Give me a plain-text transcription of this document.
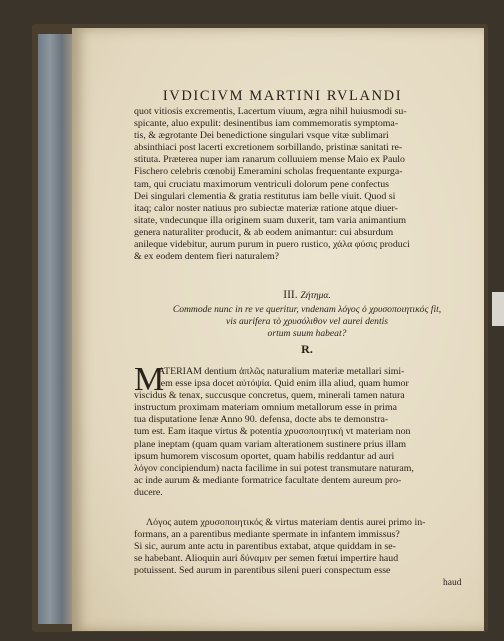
IVDICIVM MARTINI RVLANDI
quot vitiosis excrementis, Lacertum viuum, ægra nihil huiusmodi su-
spicante, aluo expulit: desinentibus iam commemoratis symptoma-
tis, & ægrotante Dei benedictione singulari vsque vitæ sublimari
absinthiaci post lacerti excretionem sorbillando, pristinæ sanitati re-
stituta. Præterea nuper iam ranarum colluuiem mense Maio ex Paulo
Fischero celebris cœnobij Emeramini scholas frequentante expurga-
tam, qui cruciatu maximorum ventriculi dolorum pene confectus
Dei singulari clementia & gratia restitutus iam belle viuit. Quod si
itaq; calor noster natiuus pro subiectæ materiæ ratione atque diuer-
sitate, vndecunque illa originem suam duxerit, tam varia animantium
genera naturaliter producit, & ab eodem animantur: cui absurdum
anileque videbitur, aurum purum in puero rustico, χάλα φύσις produci
& ex eodem dentem fieri naturalem?
III. Ζήτημα.
Commode nunc in re ve queritur, vndenam λόγος ὁ χρυσοποιητικός fit,
vis aurifera τὸ χρυσόλιθον vel aurei dentis
ortum suum habeat?
R.
M
ATERIAM dentium ἁπλῶς naturalium materiæ metallari simi-
lem esse ipsa docet αὐτόψία. Quid enim illa aliud, quam humor
viscidus & tenax, succusque concretus, quem, minerali tamen natura
instructum proximam materiam omnium metallorum esse in prima
tua disputatione Ienæ Anno 90. defensa, docte abs te demonstra-
tum est. Eam itaque virtus & potentia χρυσοποιητική vt materiam non
plane ineptam (quam quam variam alterationem sustinere prius illam
ipsum humorem viscosum oportet, quam habilis reddantur ad auri
λόγον concipiendum) nacta facilime in sui potest transmutare naturam,
ac inde aurum & mediante formatrice facultate dentem aureum pro-
ducere.
Λόγος autem χρυσοποιητικός & virtus materiam dentis aurei primo in-
formans, an a parentibus mediante spermate in infantem immissus?
Si sic, aurum ante actu in parentibus extabat, atque quiddam in se-
se habebant. Alioquin auri δύναμιν per semen fœtui impertire haud
potuissent. Sed aurum in parentibus sileni pueri conspectum esse
haud
